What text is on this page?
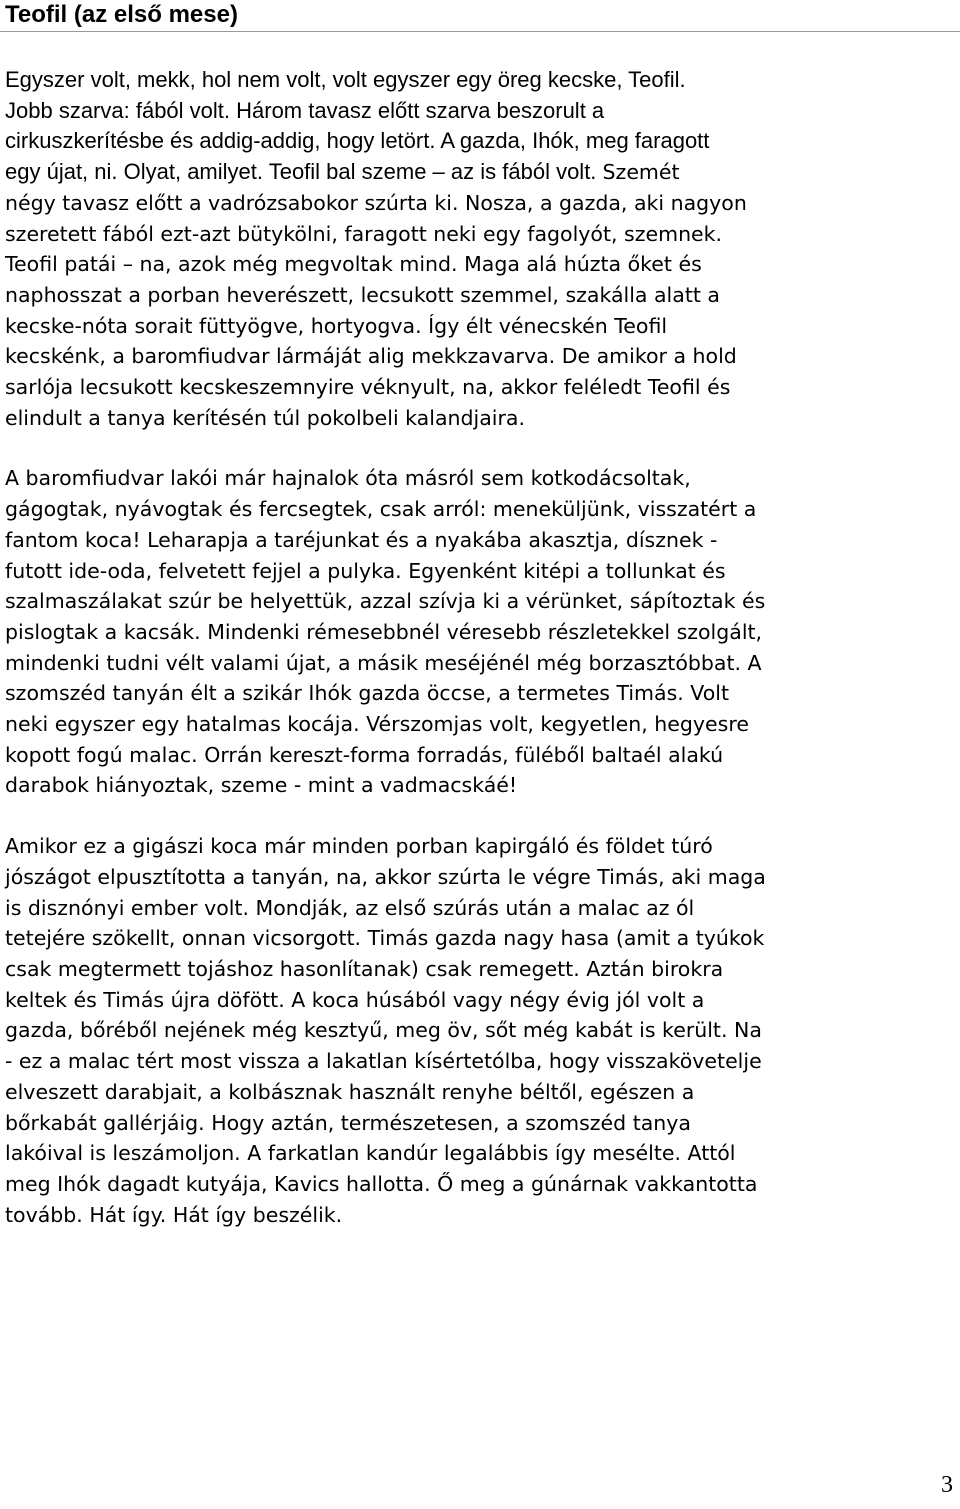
Teofil (az első mese)

Egyszer volt, mekk, hol nem volt, volt egyszer egy öreg kecske, Teofil.
Jobb szarva: fából volt. Három tavasz előtt szarva beszorult a
cirkuszkerítésbe és addig-addig, hogy letört. A gazda, Ihók, meg faragott
egy újat, ni. Olyat, amilyet. Teofil bal szeme – az is fából volt. Szemét
négy tavasz előtt a vadrózsabokor szúrta ki. Nosza, a gazda, aki nagyon
szeretett fából ezt-azt bütykölni, faragott neki egy fagolyót, szemnek.
Teofil patái – na, azok még megvoltak mind. Maga alá húzta őket és
naphosszat a porban heverészett, lecsukott szemmel, szakálla alatt a
kecske-nóta sorait füttyögve, hortyogva. Így élt vénecskén Teofil
kecskénk, a baromfiudvar lármáját alig mekkzavarva. De amikor a hold
sarlója lecsukott kecskeszemnyire véknyult, na, akkor feléledt Teofil és
elindult a tanya kerítésén túl pokolbeli kalandjaira.

A baromfiudvar lakói már hajnalok óta másról sem kotkodácsoltak,
gágogtak, nyávogtak és fercsegtek, csak arról: meneküljünk, visszatért a
fantom koca! Leharapja a taréjunkat és a nyakába akasztja, dísznek -
futott ide-oda, felvetett fejjel a pulyka. Egyenként kitépi a tollunkat és
szalmaszálakat szúr be helyettük, azzal szívja ki a vérünket, sápítoztak és
pislogtak a kacsák. Mindenki rémesebbnél véresebb részletekkel szolgált,
mindenki tudni vélt valami újat, a másik meséjénél még borzasztóbbat. A
szomszéd tanyán élt a szikár Ihók gazda öccse, a termetes Timás. Volt
neki egyszer egy hatalmas kocája. Vérszomjas volt, kegyetlen, hegyesre
kopott fogú malac. Orrán kereszt-forma forradás, füléből baltaél alakú
darabok hiányoztak, szeme - mint a vadmacskáé!

Amikor ez a gigászi koca már minden porban kapirgáló és földet túró
jószágot elpusztította a tanyán, na, akkor szúrta le végre Timás, aki maga
is disznónyi ember volt. Mondják, az első szúrás után a malac az ól
tetejére szökellt, onnan vicsorgott. Timás gazda nagy hasa (amit a tyúkok
csak megtermett tojáshoz hasonlítanak) csak remegett. Aztán birokra
keltek és Timás újra döfött. A koca húsából vagy négy évig jól volt a
gazda, bőréből nejének még kesztyű, meg öv, sőt még kabát is került. Na
- ez a malac tért most vissza a lakatlan kísértetólba, hogy visszakövetelje
elveszett darabjait, a kolbásznak használt renyhe béltől, egészen a
bőrkabát gallérjáig. Hogy aztán, természetesen, a szomszéd tanya
lakóival is leszámoljon. A farkatlan kandúr legalábbis így mesélte. Attól
meg Ihók dagadt kutyája, Kavics hallotta. Ő meg a gúnárnak vakkantotta
tovább. Hát így. Hát így beszélik.

3
